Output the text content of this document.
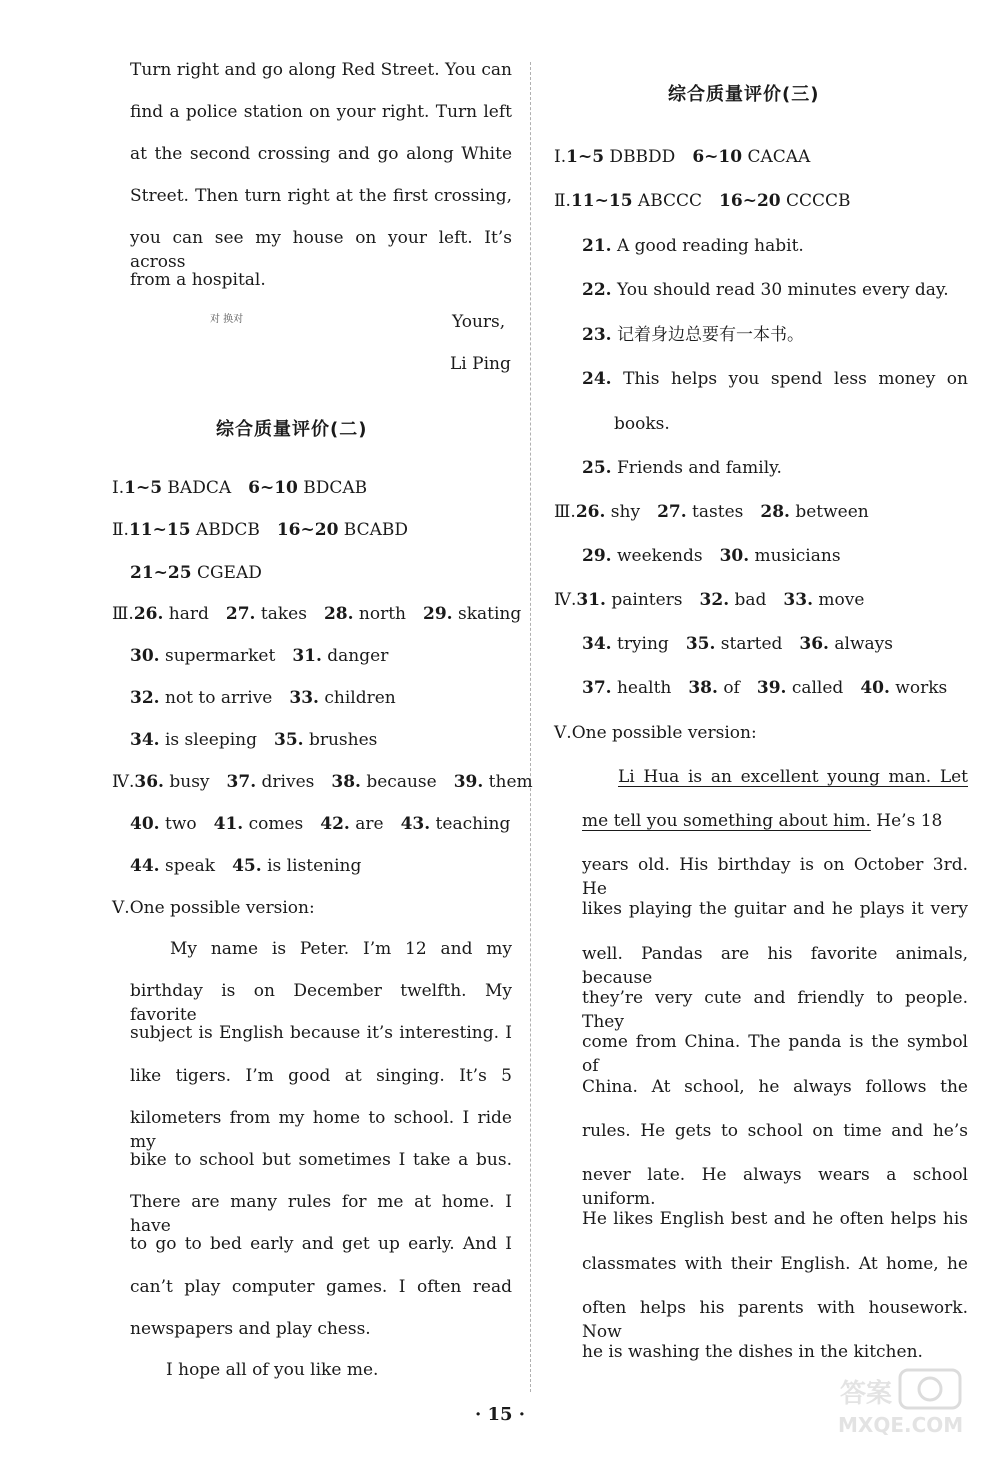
Turn right and go along Red Street. You can
find a police station on your right. Turn left
at the second crossing and go along White
Street. Then turn right at the first crossing,
you can see my house on your left. It’s across
from a hospital.
Yours,
Li Ping
对 换对
综合质量评价(二)
Ⅰ.1~5 BADCA  6~10 BDCAB
Ⅱ.11~15 ABDCB  16~20 BCABD
21~25 CGEAD
Ⅲ.26. hard  27. takes  28. north  29. skating
30. supermarket  31. danger
32. not to arrive  33. children
34. is sleeping  35. brushes
Ⅳ.36. busy  37. drives  38. because  39. them
40. two  41. comes  42. are  43. teaching
44. speak  45. is listening
Ⅴ.One possible version:
My name is Peter. I’m 12 and my
birthday is on December twelfth. My favorite
subject is English because it’s interesting. I
like tigers. I’m good at singing. It’s 5
kilometers from my home to school. I ride my
bike to school but sometimes I take a bus.
There are many rules for me at home. I have
to go to bed early and get up early. And I
can’t play computer games. I often read
newspapers and play chess.
I hope all of you like me.
综合质量评价(三)
Ⅰ.1~5 DBBDD  6~10 CACAA
Ⅱ.11~15 ABCCC  16~20 CCCCB
21. A good reading habit.
22. You should read 30 minutes every day.
23. 记着身边总要有一本书。
24. This helps you spend less money on
books.
25. Friends and family.
Ⅲ.26. shy  27. tastes  28. between
29. weekends  30. musicians
Ⅳ.31. painters  32. bad  33. move
34. trying  35. started  36. always
37. health  38. of  39. called  40. works
Ⅴ.One possible version:
Li Hua is an excellent young man. Let
me tell you something about him. He’s 18
years old. His birthday is on October 3rd. He
likes playing the guitar and he plays it very
well. Pandas are his favorite animals, because
they’re very cute and friendly to people. They
come from China. The panda is the symbol of
China. At school, he always follows the
rules. He gets to school on time and he’s
never late. He always wears a school uniform.
He likes English best and he often helps his
classmates with their English. At home, he
often helps his parents with housework. Now
he is washing the dishes in the kitchen.
· 15 ·
答案
MXQE.COM
